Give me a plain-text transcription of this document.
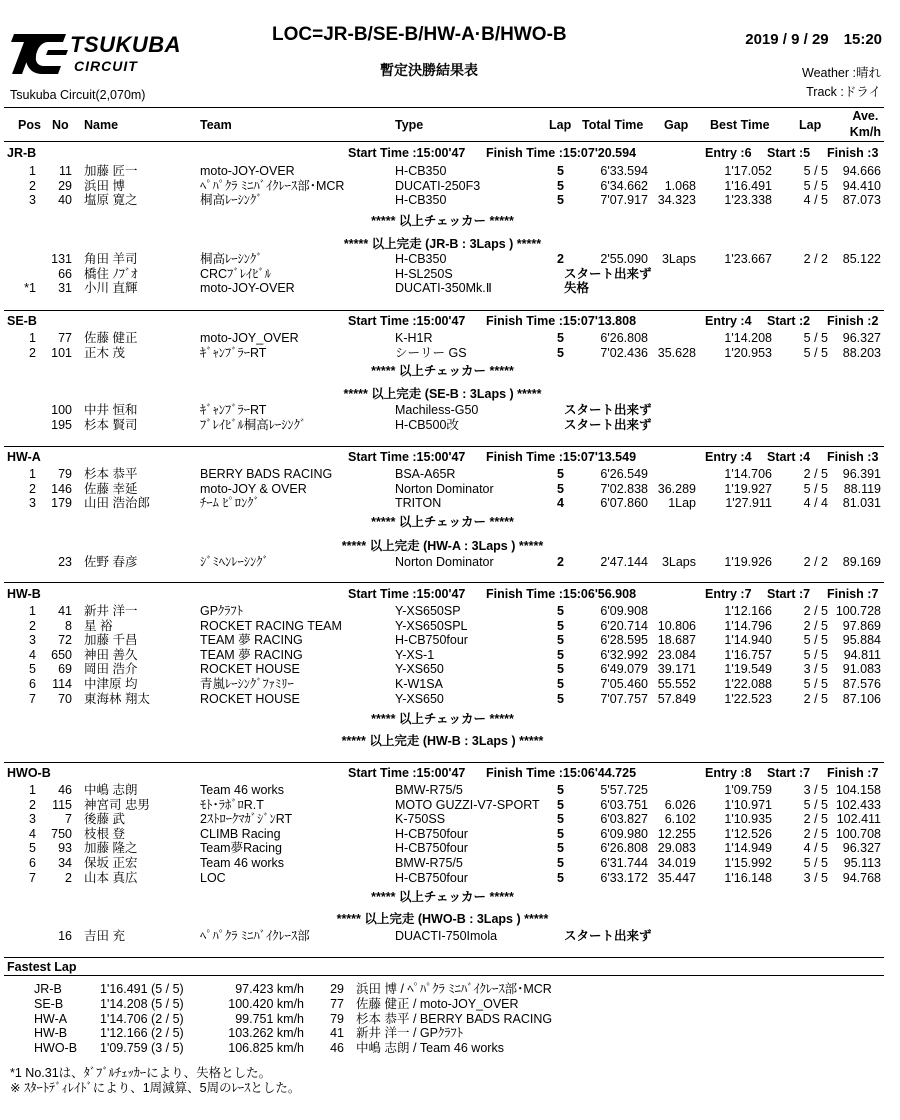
TSUKUBA
CIRCUIT
Tsukuba Circuit(2,070m)
LOC=JR-B/SE-B/HW-A·B/HWO-B
暫定決勝結果表
2019 / 9 / 29　15:20
Weather :晴れ
Track :ドライ
Pos No Name	Team	Type	Lap Total Time Gap Best Time Lap
Ave.
Km/h
JR-B	Start Time :15:00'47 Finish Time :15:07'20.594	Entry :6 Start :5 Finish :3
1	11 加藤 匠一	moto-JOY-OVER	H-CB350	5	6'33.594	1'17.052	5 / 5	94.666
2	29 浜田 博	ﾍﾟﾊﾟｸﾗ ﾐﾆﾊﾞｲｸﾚｰｽ部･MCR	DUCATI-250F3	5	6'34.662	1.068	1'16.491	5 / 5	94.410
3	40 塩原 寛之	桐高ﾚｰｼﾝｸﾞ	H-CB350	5	7'07.917 34.323	1'23.338	4 / 5	87.073
***** 以上チェッカー *****
***** 以上完走 (JR-B : 3Laps ) *****
131 角田 羊司	桐高ﾚｰｼﾝｸﾞ	H-CB350	2	2'55.090	3Laps	1'23.667	2 / 2	85.122
66 橋住 ﾉﾌﾞｵ	CRCﾌﾞﾚｲﾋﾞﾙ	H-SL250S	スタート出来ず
*1	31 小川 直輝	moto-JOY-OVER	DUCATI-350Mk.Ⅱ	失格
SE-B	Start Time :15:00'47 Finish Time :15:07'13.808	Entry :4 Start :2 Finish :2
1	77 佐藤 健正	moto-JOY_OVER	K-H1R	5	6'26.808	1'14.208	5 / 5	96.327
2	101 正木 茂	ｷﾞｬﾝﾌﾞﾗｰRT	シーリー GS	5	7'02.436 35.628	1'20.953	5 / 5	88.203
***** 以上チェッカー *****
***** 以上完走 (SE-B : 3Laps ) *****
100 中井 恒和	ｷﾞｬﾝﾌﾞﾗｰRT	Machiless-G50	スタート出来ず
195 杉本 賢司	ﾌﾞﾚｲﾋﾞﾙ桐高ﾚｰｼﾝｸﾞ	H-CB500改	スタート出来ず
HW-A	Start Time :15:00'47 Finish Time :15:07'13.549	Entry :4 Start :4 Finish :3
1	79 杉本 恭平	BERRY BADS RACING	BSA-A65R	5	6'26.549	1'14.706	2 / 5	96.391
2	146 佐藤 幸延	moto-JOY & OVER	Norton Dominator	5	7'02.838 36.289	1'19.927	5 / 5	88.119
3	179 山田 浩治郎	ﾁｰﾑ ﾋﾟﾛﾝｸﾞ	TRITON	4	6'07.860	1Lap	1'27.911	4 / 4	81.031
***** 以上チェッカー *****
***** 以上完走 (HW-A : 3Laps ) *****
23 佐野 春彦	ｼﾞﾐﾍﾝﾚｰｼﾝｸﾞ	Norton Dominator	2	2'47.144	3Laps	1'19.926	2 / 2	89.169
HW-B	Start Time :15:00'47 Finish Time :15:06'56.908	Entry :7 Start :7 Finish :7
1	41 新井 洋一	GPｸﾗﾌﾄ	Y-XS650SP	5	6'09.908	1'12.166	2 / 5 100.728
2	8 星 裕	ROCKET RACING TEAM	Y-XS650SPL	5	6'20.714 10.806	1'14.796	2 / 5	97.869
3	72 加藤 千昌	TEAM 夢 RACING	H-CB750four	5	6'28.595 18.687	1'14.940	5 / 5	95.884
4	650 神田 善久	TEAM 夢 RACING	Y-XS-1	5	6'32.992 23.084	1'16.757	5 / 5	94.811
5	69 岡田 浩介	ROCKET HOUSE	Y-XS650	5	6'49.079 39.171	1'19.549	3 / 5	91.083
6	114 中津原 均	青嵐ﾚｰｼﾝｸﾞﾌｧﾐﾘｰ	K-W1SA	5	7'05.460 55.552	1'22.088	5 / 5	87.576
7	70 東海林 翔太	ROCKET HOUSE	Y-XS650	5	7'07.757 57.849	1'22.523	2 / 5	87.106
***** 以上チェッカー *****
***** 以上完走 (HW-B : 3Laps ) *****
HWO-B	Start Time :15:00'47 Finish Time :15:06'44.725	Entry :8 Start :7 Finish :7
1	46 中嶋 志朗	Team 46 works	BMW-R75/5	5	5'57.725	1'09.759	3 / 5 104.158
2	115 神宮司 忠男	ﾓﾄ･ﾗﾎﾞﾛR.T	MOTO GUZZI-V7-SPORT	5	6'03.751	6.026	1'10.971	5 / 5 102.433
3	7 後藤 武	2ｽﾄﾛｰｸﾏｶﾞｼﾞﾝRT	K-750SS	5	6'03.827	6.102	1'10.935	2 / 5 102.411
4	750 枝根 登	CLIMB Racing	H-CB750four	5	6'09.980 12.255	1'12.526	2 / 5 100.708
5	93 加藤 隆之	Team夢Racing	H-CB750four	5	6'26.808 29.083	1'14.949	4 / 5	96.327
6	34 保坂 正宏	Team 46 works	BMW-R75/5	5	6'31.744 34.019	1'15.992	5 / 5	95.113
7	2 山本 真広	LOC	H-CB750four	5	6'33.172 35.447	1'16.148	3 / 5	94.768
***** 以上チェッカー *****
***** 以上完走 (HWO-B : 3Laps ) *****
16 吉田 充	ﾍﾟﾊﾟｸﾗ ﾐﾆﾊﾞｲｸﾚｰｽ部	DUACTI-750Imola	スタート出来ず
Fastest Lap
JR-B	1'16.491 (5 / 5)	97.423 km/h	29 浜田 博 / ﾍﾟﾊﾟｸﾗ ﾐﾆﾊﾞｲｸﾚｰｽ部･MCR
SE-B	1'14.208 (5 / 5)	100.420 km/h	77 佐藤 健正 / moto-JOY_OVER
HW-A	1'14.706 (2 / 5)	99.751 km/h	79 杉本 恭平 / BERRY BADS RACING
HW-B	1'12.166 (2 / 5)	103.262 km/h	41 新井 洋一 / GPｸﾗﾌﾄ
HWO-B 1'09.759 (3 / 5)	106.825 km/h	46 中嶋 志朗 / Team 46 works
*1 No.31は、ﾀﾞﾌﾞﾙﾁｪｯｶｰにより、失格とした。
※ ｽﾀｰﾄﾃﾞｨﾚｲﾄﾞにより、1周減算、5周のﾚｰｽとした。
